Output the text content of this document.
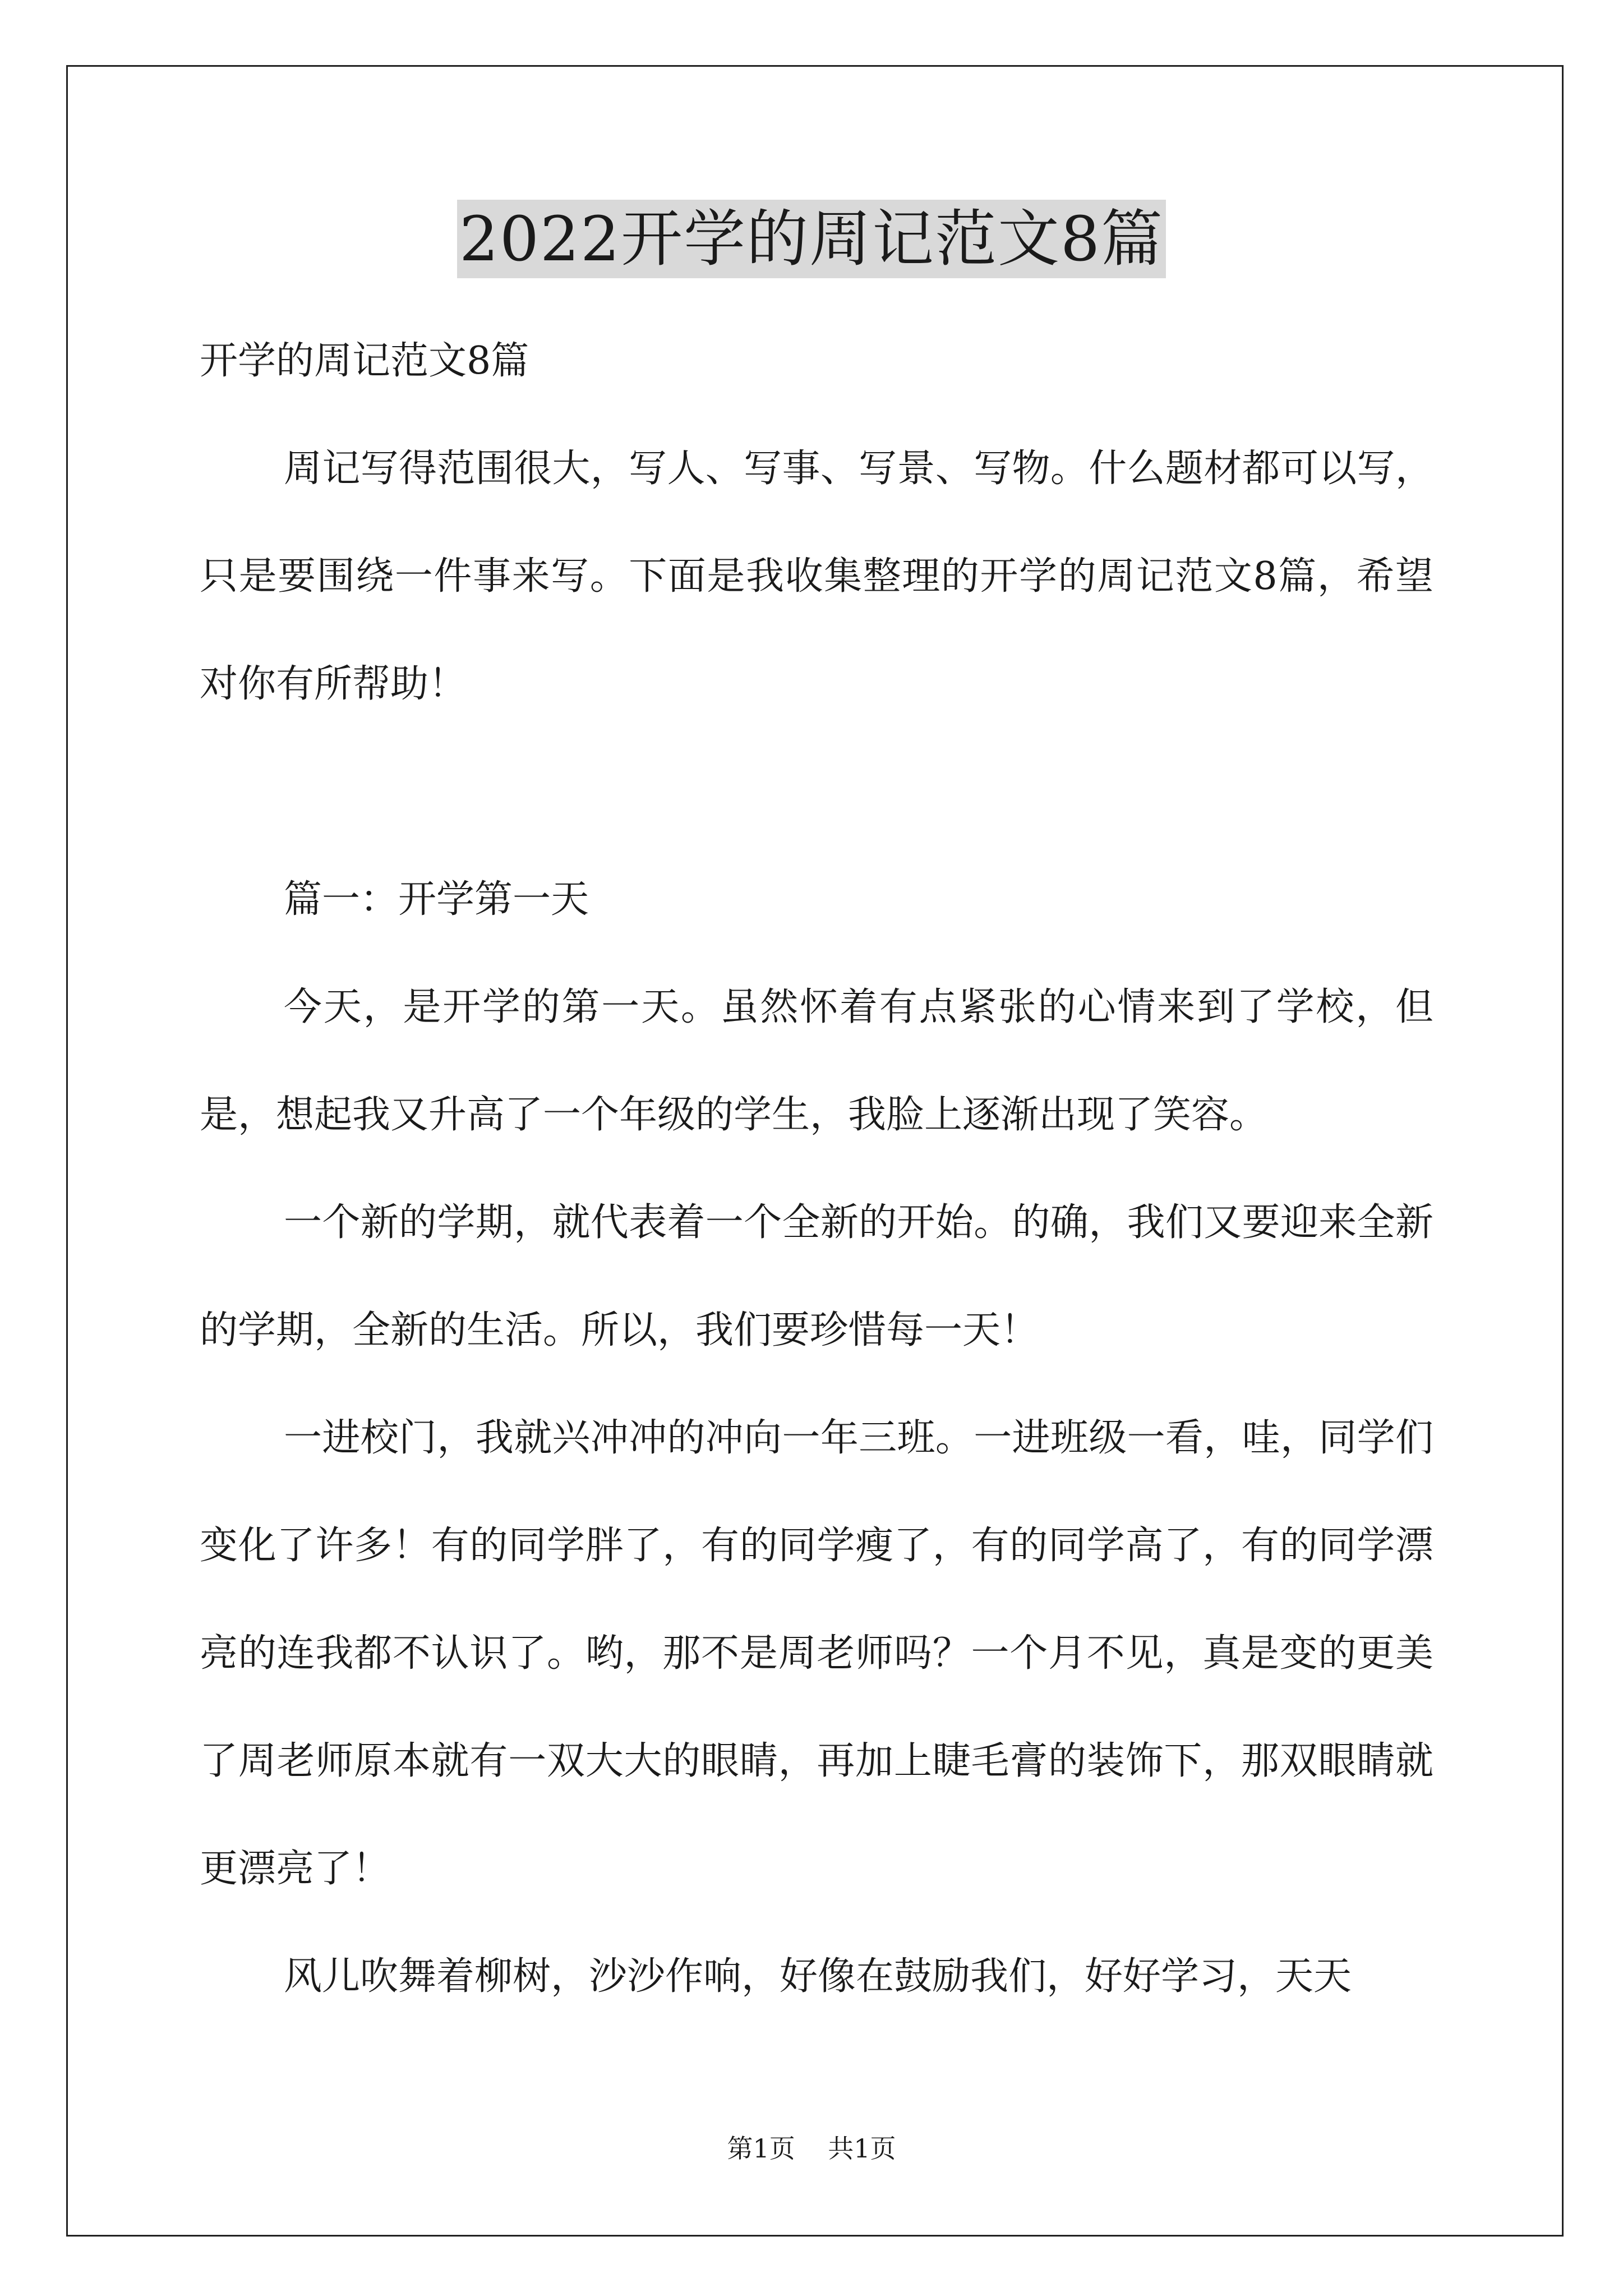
2022开学的周记范文8篇

开学的周记范文8篇

周记写得范围很大，写人、写事、写景、写物。什么题材都可以写，只是要围绕一件事来写。下面是我收集整理的开学的周记范文8篇，希望对你有所帮助！

篇一：开学第一天

今天，是开学的第一天。虽然怀着有点紧张的心情来到了学校，但是，想起我又升高了一个年级的学生，我脸上逐渐出现了笑容。

一个新的学期，就代表着一个全新的开始。的确，我们又要迎来全新的学期，全新的生活。所以，我们要珍惜每一天！

一进校门，我就兴冲冲的冲向一年三班。一进班级一看，哇，同学们变化了许多！有的同学胖了，有的同学瘦了，有的同学高了，有的同学漂亮的连我都不认识了。哟，那不是周老师吗？一个月不见，真是变的更美了周老师原本就有一双大大的眼睛，再加上睫毛膏的装饰下，那双眼睛就更漂亮了！

风儿吹舞着柳树，沙沙作响，好像在鼓励我们，好好学习，天天

第1页 共1页
